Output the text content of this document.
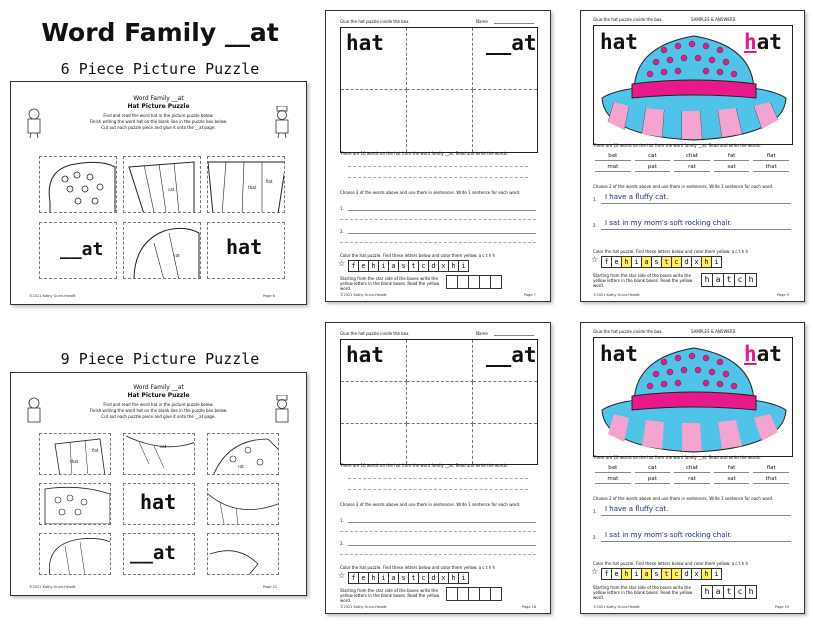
Word Family __at
6 Piece Picture Puzzle
9 Piece Picture Puzzle
Word Family __at
Hat Picture Puzzle
Find and read the word hat in the picture puzzle below.
Finish writing the word hat on the blank line in the puzzle box below.
Cut out each puzzle piece and glue it onto the __at page.
cat
flat
that
__at	rat hat
©2021 Kathy Gunn-Hewitt	Page 6
Word Family __at
Hat Picture Puzzle
Find and read the word hat in the picture puzzle below.
Finish writing the word hat on the blank line in the puzzle box below.
Cut out each puzzle piece and glue it onto the __at page.
that
flat
cat
rat
hat
__at
©2021 Kathy Gunn-Hewitt	Page 21
Glue the hat puzzle inside the box.	Name
hat	__at
There are 10 words on the hat from the word family __at. Read and write the words.
Choose 2 of the words above and use them in sentences. Write 1 sentence for each word.
1.
2.
Color the hat puzzle. Find these letters below and color them yellow: a c t h h
☆ f e h i a s t c d x h i
Starting from the star side of the boxes write the yellow letters in the blank boxes. Read the yellow word.
©2021 Kathy Gunn-Hewitt	Page 7
Glue the hat puzzle inside the box.	Name
hat	__at
There are 10 words on the hat from the word family __at. Read and write the words.
Choose 2 of the words above and use them in sentences. Write 1 sentence for each word.
1.
2.
Color the hat puzzle. Find these letters below and color them yellow: a c t h h
☆ f e h i a s t c d x h i
Starting from the star side of the boxes write the yellow letters in the blank boxes. Read the yellow word.
©2021 Kathy Gunn-Hewitt	Page 18
Glue the hat puzzle inside the box.	SAMPLES & ANSWERS
hat	hat
There are 10 words on the hat from the word family __at. Read and write the words.
bat	cat	chat	fat	flat
mat	pat	rat	sat	that
Choose 2 of the words above and use them in sentences. Write 1 sentence for each word.
1. I have a fluffy cat.
2. I sat in my mom's soft rocking chair.
Color the hat puzzle. Find these letters below and color them yellow: a c t h h
☆ f e h i a s t c d x h i
Starting from the star side of the boxes write the yellow letters in the blank boxes. Read the yellow word.
h a t c h
©2021 Kathy Gunn-Hewitt	Page 9
Glue the hat puzzle inside the box.	SAMPLES & ANSWERS
hat	hat
There are 10 words on the hat from the word family __at. Read and write the words.
bat	cat	chat	fat	flat
mat	pat	rat	sat	that
Choose 2 of the words above and use them in sentences. Write 1 sentence for each word.
1. I have a fluffy cat.
2. I sat in my mom's soft rocking chair.
Color the hat puzzle. Find these letters below and color them yellow: a c t h h
☆ f e h i a s t c d x h i
Starting from the star side of the boxes write the yellow letters in the blank boxes. Read the yellow word.
h a t c h
©2021 Kathy Gunn-Hewitt	Page 19
